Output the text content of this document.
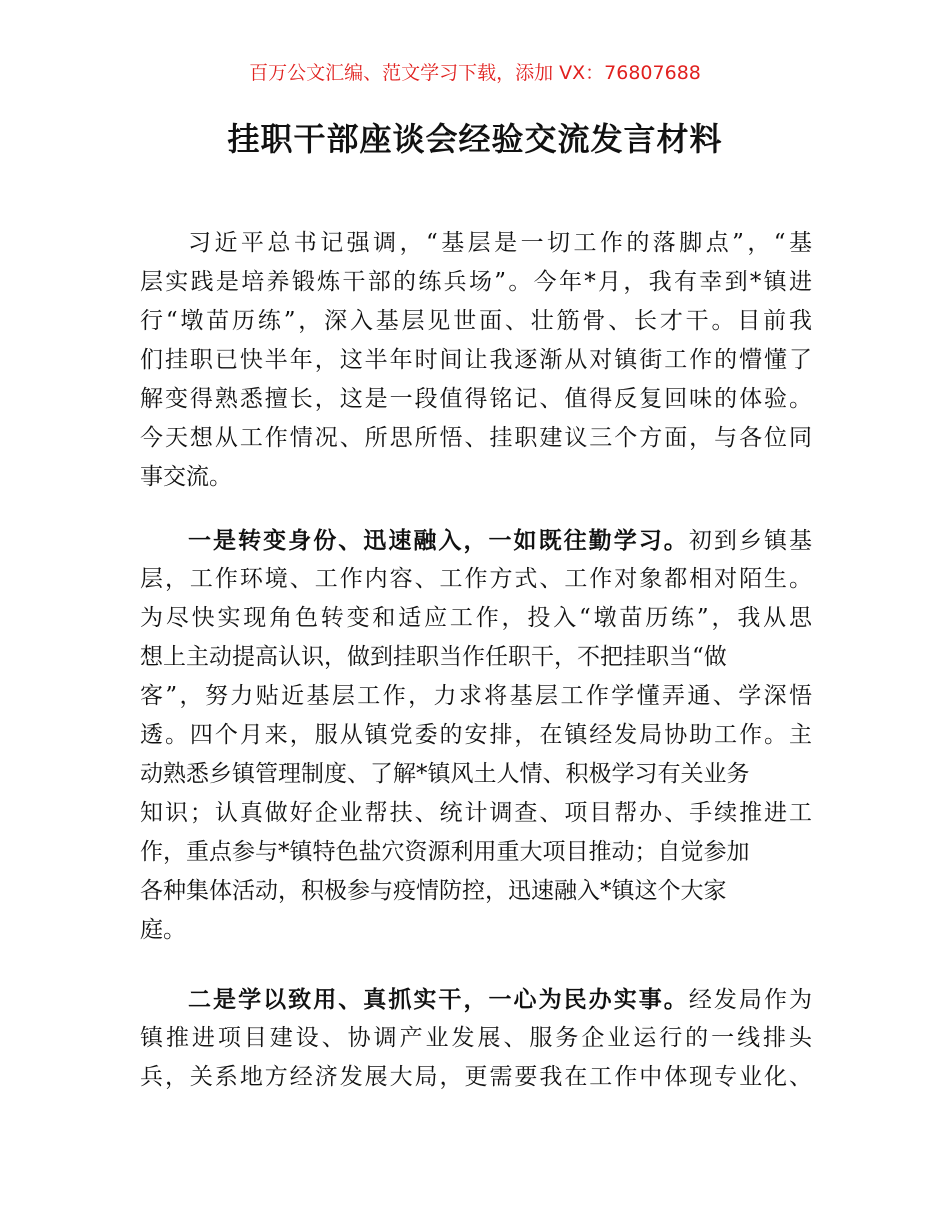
百万公文汇编、范文学习下载，添加 VX：76807688
挂职干部座谈会经验交流发言材料
习近平总书记强调，“基层是一切工作的落脚点”，“基
层实践是培养锻炼干部的练兵场”。今年*月，我有幸到*镇进
行“墩苗历练”，深入基层见世面、壮筋骨、长才干。目前我
们挂职已快半年，这半年时间让我逐渐从对镇街工作的懵懂了
解变得熟悉擅长，这是一段值得铭记、值得反复回味的体验。
今天想从工作情况、所思所悟、挂职建议三个方面，与各位同
事交流。
一是转变身份、迅速融入，一如既往勤学习。初到乡镇基
层，工作环境、工作内容、工作方式、工作对象都相对陌生。
为尽快实现角色转变和适应工作，投入“墩苗历练”，我从思
想上主动提高认识，做到挂职当作任职干，不把挂职当“做
客”，努力贴近基层工作，力求将基层工作学懂弄通、学深悟
透。四个月来，服从镇党委的安排，在镇经发局协助工作。主
动熟悉乡镇管理制度、了解*镇风土人情、积极学习有关业务
知识；认真做好企业帮扶、统计调查、项目帮办、手续推进工
作，重点参与*镇特色盐穴资源利用重大项目推动；自觉参加
各种集体活动，积极参与疫情防控，迅速融入*镇这个大家
庭。
二是学以致用、真抓实干，一心为民办实事。经发局作为
镇推进项目建设、协调产业发展、服务企业运行的一线排头
兵，关系地方经济发展大局，更需要我在工作中体现专业化、
